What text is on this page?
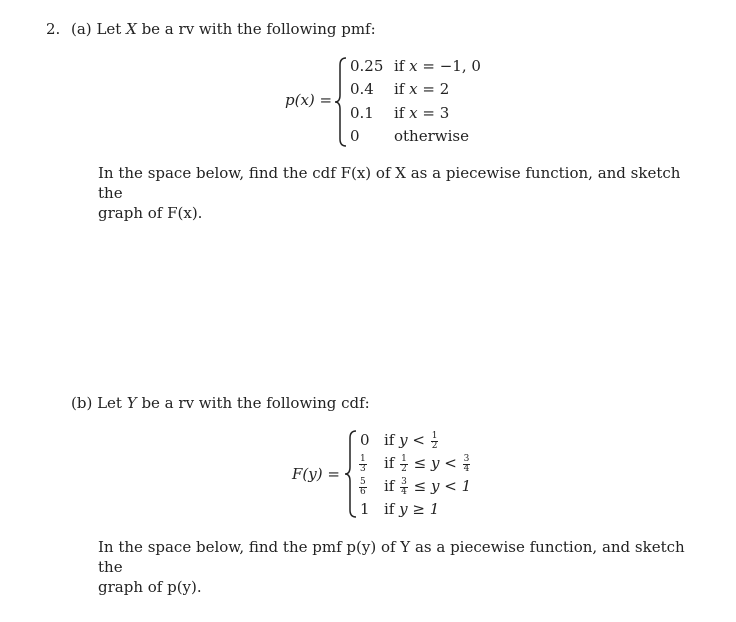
2. (a) Let X be a rv with the following pmf:
p(x) =
0.25 if x = −1, 0
0.4 if x = 2
0.1 if x = 3
0 otherwise
In the space below, find the cdf F(x) of X as a piecewise function, and sketch the
graph of F(x).
(b) Let Y be a rv with the following cdf:
F(y) =
0 if $y < \frac{1}{2}$
$\frac{1}{3}$ if $\frac{1}{2} \le y < \frac{3}{4}$
$\frac{5}{6}$ if $\frac{3}{4} \le y < 1$
1 if y ≥ 1
In the space below, find the pmf p(y) of Y as a piecewise function, and sketch the
graph of p(y).
